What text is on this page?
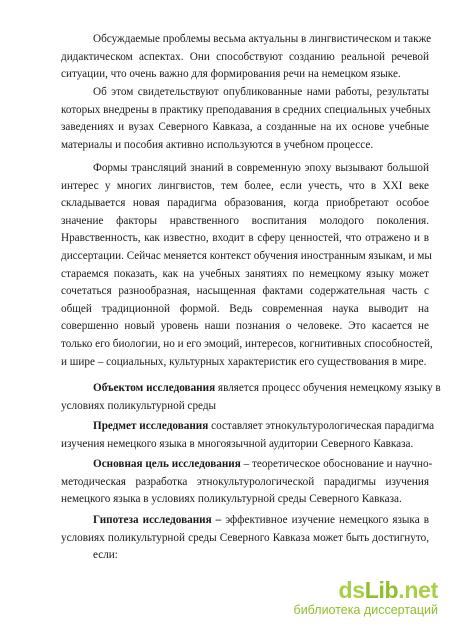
Обсуждаемые проблемы весьма актуальны в лингвистическом и также
дидактическом аспектах. Они способствуют созданию реальной речевой
ситуации, что очень важно для формирования речи на немецком языке.
Об этом свидетельствуют опубликованные нами работы, результаты
которых внедрены в практику преподавания в средних специальных учебных
заведениях и вузах Северного Кавказа, а созданные на их основе учебные
материалы и пособия активно используются в учебном процессе.
Формы трансляций знаний в современную эпоху вызывают большой
интерес у многих лингвистов, тем более, если учесть, что в XXI веке
складывается новая парадигма образования, когда приобретают особое
значение факторы нравственного воспитания молодого поколения.
Нравственность, как известно, входит в сферу ценностей, что отражено и в
диссертации. Сейчас меняется контекст обучения иностранным языкам, и мы
стараемся показать, как на учебных занятиях по немецкому языку может
сочетаться разнообразная, насыщенная фактами содержательная часть с
общей традиционной формой. Ведь современная наука выводит на
совершенно новый уровень наши познания о человеке. Это касается не
только его биологии, но и его эмоций, интересов, когнитивных способностей,
и шире – социальных, культурных характеристик его существования в мире.
Объектом исследования является процесс обучения немецкому языку в
условиях поликультурной среды
Предмет исследования составляет этнокультурологическая парадигма
изучения немецкого языка в многоязычной аудитории Северного Кавказа.
Основная цель исследования – теоретическое обоснование и научно-
методическая разработка этнокультурологической парадигмы изучения
немецкого языка в условиях поликультурной среды Северного Кавказа.
Гипотеза исследования – эффективное изучение немецкого языка в
условиях поликультурной среды Северного Кавказа может быть достигнуто,
если:
dsLib.net
библиотека диссертаций
